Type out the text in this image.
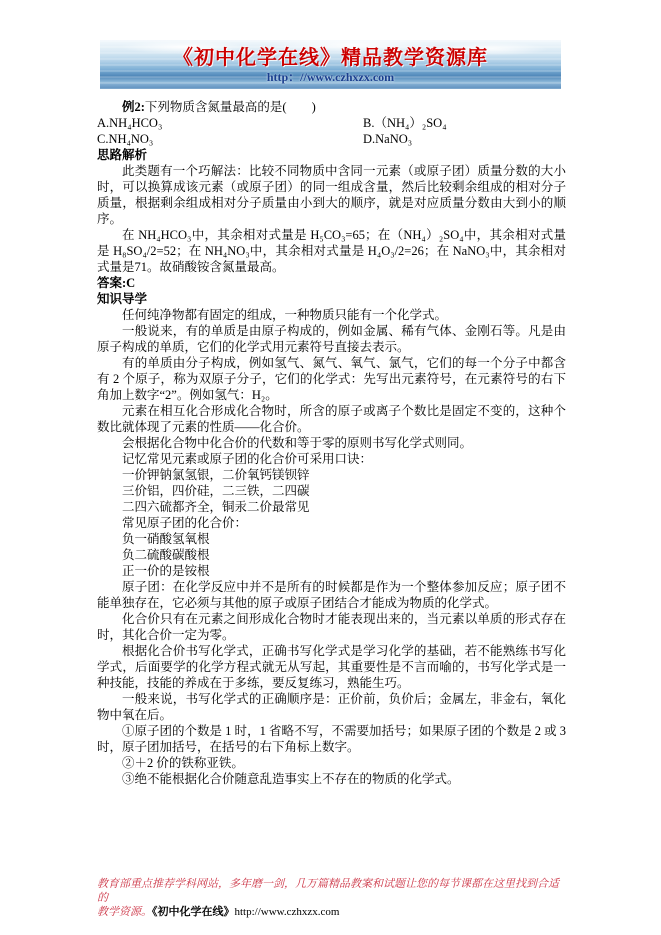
《初中化学在线》精品教学资源库
http：//www.czhxzx.com

例2:下列物质含氮量最高的是(　　)

A.NH₄HCO₃	B.（NH₄）₂SO₄
C.NH₄NO₃	D.NaNO₃

思路解析

此类题有一个巧解法：比较不同物质中含同一元素（或原子团）质量分数的大小时，可以换算成该元素（或原子团）的同一组成含量，然后比较剩余组成的相对分子质量，根据剩余组成相对分子质量由小到大的顺序，就是对应质量分数由大到小的顺序。

在 NH₄HCO₃中，其余相对式量是 H₅CO₃=65；在（NH₄）₂SO₄中，其余相对式量是 H₈SO₄/2=52；在 NH₄NO₃中，其余相对式量是 H₄O₃/2=26；在 NaNO₃中，其余相对式量是71。故硝酸铵含氮量最高。

答案:C

知识导学

任何纯净物都有固定的组成，一种物质只能有一个化学式。

一般说来，有的单质是由原子构成的，例如金属、稀有气体、金刚石等。凡是由原子构成的单质，它们的化学式用元素符号直接去表示。

有的单质由分子构成，例如氢气、氮气、氧气、氯气，它们的每一个分子中都含有 2 个原子，称为双原子分子，它们的化学式：先写出元素符号，在元素符号的右下角加上数字“2”。例如氢气：H₂。

元素在相互化合形成化合物时，所含的原子或离子个数比是固定不变的，这种个数比就体现了元素的性质――化合价。

会根据化合物中化合价的代数和等于零的原则书写化学式则同。

记忆常见元素或原子团的化合价可采用口诀：

一价钾钠氯氢银，二价氧钙镁钡锌

三价铝，四价硅，二三铁，二四碳

二四六硫都齐全，铜汞二价最常见

常见原子团的化合价：

负一硝酸氢氧根

负二硫酸碳酸根

正一价的是铵根

原子团：在化学反应中并不是所有的时候都是作为一个整体参加反应；原子团不能单独存在，它必须与其他的原子或原子团结合才能成为物质的化学式。

化合价只有在元素之间形成化合物时才能表现出来的，当元素以单质的形式存在时，其化合价一定为零。

根据化合价书写化学式，正确书写化学式是学习化学的基础，若不能熟练书写化学式，后面要学的化学方程式就无从写起，其重要性是不言而喻的，书写化学式是一种技能，技能的养成在于多练，要反复练习，熟能生巧。

一般来说，书写化学式的正确顺序是：正价前，负价后；金属左，非金右，氧化物中氧在后。

①原子团的个数是 1 时，1 省略不写，不需要加括号；如果原子团的个数是 2 或 3 时，原子团加括号，在括号的右下角标上数字。

②＋2 价的铁称亚铁。

③绝不能根据化合价随意乱造事实上不存在的物质的化学式。

教育部重点推荐学科网站，多年磨一剑，几万篇精品教案和试题让您的每节课都在这里找到合适的
教学资源。《初中化学在线》http://www.czhxzx.com
